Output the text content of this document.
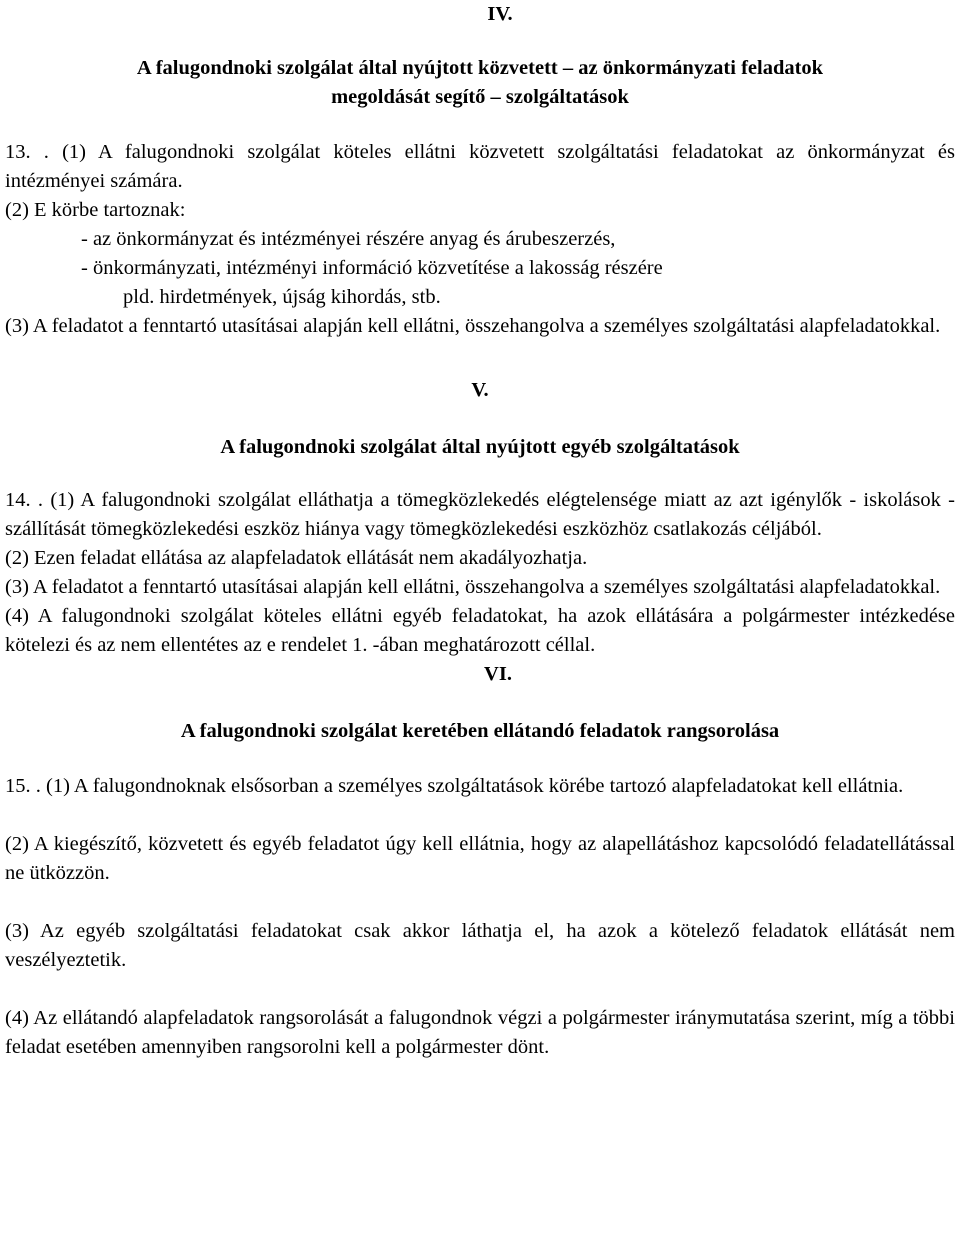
IV.

A falugondnoki szolgálat által nyújtott közvetett – az önkormányzati feladatok

megoldását segítő – szolgáltatások

13. . (1) A falugondnoki szolgálat köteles ellátni közvetett szolgáltatási feladatokat az önkormányzat és intézményei számára.

(2) E körbe tartoznak:

- az önkormányzat és intézményei részére anyag és árubeszerzés,

- önkormányzati, intézményi információ közvetítése a lakosság részére

pld. hirdetmények, újság kihordás, stb.

(3) A feladatot a fenntartó utasításai alapján kell ellátni, összehangolva a személyes szolgáltatási alapfeladatokkal.

V.

A falugondnoki szolgálat által nyújtott egyéb szolgáltatások

14. . (1) A falugondnoki szolgálat elláthatja a tömegközlekedés elégtelensége miatt az azt igénylők - iskolások - szállítását tömegközlekedési eszköz hiánya vagy tömegközlekedési eszközhöz csatlakozás céljából.

(2) Ezen feladat ellátása az alapfeladatok ellátását nem akadályozhatja.

(3) A feladatot a fenntartó utasításai alapján kell ellátni, összehangolva a személyes szolgáltatási alapfeladatokkal.

(4) A falugondnoki szolgálat köteles ellátni egyéb feladatokat, ha azok ellátására a polgármester intézkedése kötelezi és az nem ellentétes az e rendelet 1. -ában meghatározott céllal.

VI.

A falugondnoki szolgálat keretében ellátandó feladatok rangsorolása

15. . (1) A falugondnoknak elsősorban a személyes szolgáltatások körébe tartozó alapfeladatokat kell ellátnia.

(2) A kiegészítő, közvetett és egyéb feladatot úgy kell ellátnia, hogy az alapellátáshoz kapcsolódó feladatellátással ne ütközzön.

(3) Az egyéb szolgáltatási feladatokat csak akkor láthatja el, ha azok a kötelező feladatok ellátását nem veszélyeztetik.

(4) Az ellátandó alapfeladatok rangsorolását a falugondnok végzi a polgármester iránymutatása szerint, míg a többi feladat esetében amennyiben rangsorolni kell a polgármester dönt.
